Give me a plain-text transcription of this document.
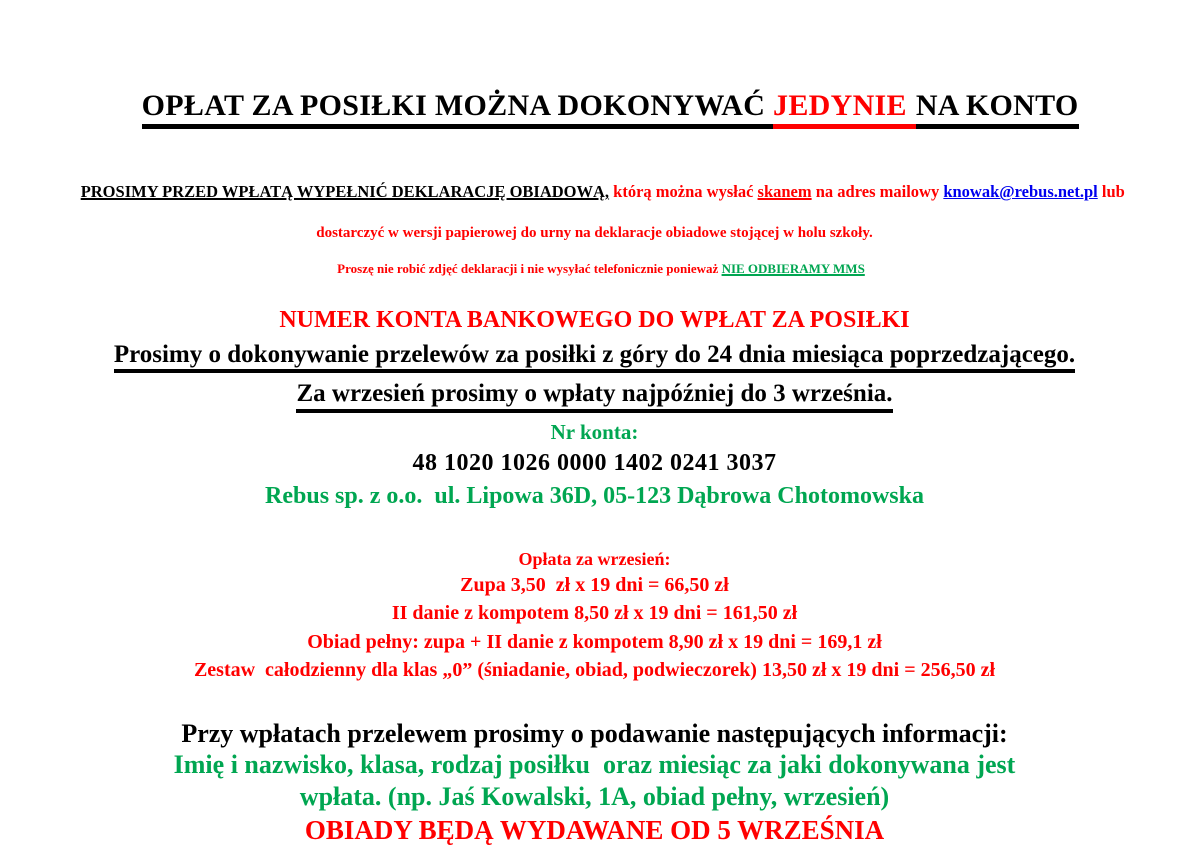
OPŁAT ZA POSIŁKI MOŻNA DOKONYWAĆ JEDYNIE NA KONTO

PROSIMY PRZED WPŁATĄ WYPEŁNIĆ DEKLARACJĘ OBIADOWĄ, którą można wysłać skanem na adres mailowy knowak@rebus.net.pl lub

dostarczyć w wersji papierowej do urny na deklaracje obiadowe stojącej w holu szkoły.

Proszę nie robić zdjęć deklaracji i nie wysyłać telefonicznie ponieważ NIE ODBIERAMY MMS

NUMER KONTA BANKOWEGO DO WPŁAT ZA POSIŁKI
Prosimy o dokonywanie przelewów za posiłki z góry do 24 dnia miesiąca poprzedzającego.
Za wrzesień prosimy o wpłaty najpóźniej do 3 września.
Nr konta:
48 1020 1026 0000 1402 0241 3037
Rebus sp. z o.o.  ul. Lipowa 36D, 05-123 Dąbrowa Chotomowska
Opłata za wrzesień:
Zupa 3,50  zł x 19 dni = 66,50 zł
II danie z kompotem 8,50 zł x 19 dni = 161,50 zł
Obiad pełny: zupa + II danie z kompotem 8,90 zł x 19 dni = 169,1 zł
Zestaw  całodzienny dla klas „0” (śniadanie, obiad, podwieczorek) 13,50 zł x 19 dni = 256,50 zł
Przy wpłatach przelewem prosimy o podawanie następujących informacji:
Imię i nazwisko, klasa, rodzaj posiłku  oraz miesiąc za jaki dokonywana jest
wpłata. (np. Jaś Kowalski, 1A, obiad pełny, wrzesień)
OBIADY BĘDĄ WYDAWANE OD 5 WRZEŚNIA
